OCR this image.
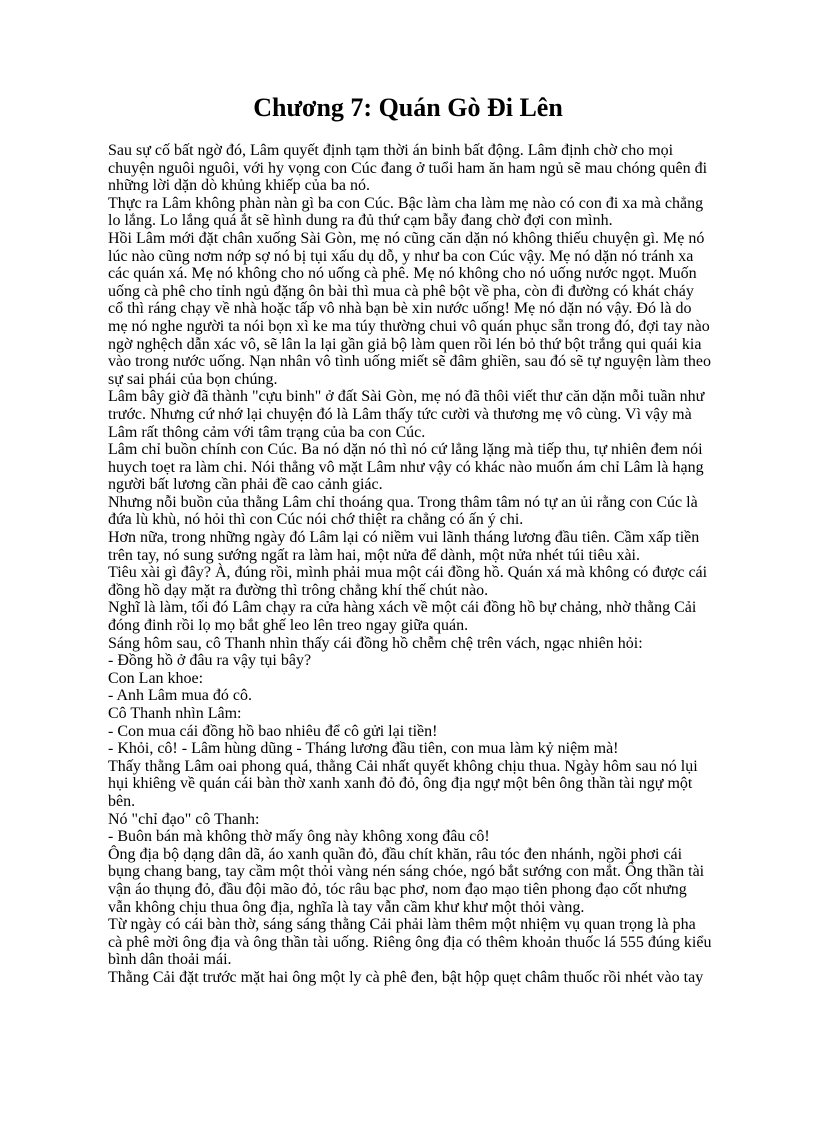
Chương 7: Quán Gò Đi Lên

Sau sự cố bất ngờ đó, Lâm quyết định tạm thời án binh bất động. Lâm định chờ cho mọi

chuyện nguôi nguôi, với hy vọng con Cúc đang ở tuổi ham ăn ham ngủ sẽ mau chóng quên đi

những lời dặn dò khủng khiếp của ba nó.

Thực ra Lâm không phàn nàn gì ba con Cúc. Bậc làm cha làm mẹ nào có con đi xa mà chẳng

lo lắng. Lo lắng quá ắt sẽ hình dung ra đủ thứ cạm bẫy đang chờ đợi con mình.

Hồi Lâm mới đặt chân xuống Sài Gòn, mẹ nó cũng căn dặn nó không thiếu chuyện gì. Mẹ nó

lúc nào cũng nơm nớp sợ nó bị tụi xấu dụ dỗ, y như ba con Cúc vậy. Mẹ nó dặn nó tránh xa

các quán xá. Mẹ nó không cho nó uống cà phê. Mẹ nó không cho nó uống nước ngọt. Muốn

uống cà phê cho tỉnh ngủ đặng ôn bài thì mua cà phê bột về pha, còn đi đường có khát cháy

cổ thì ráng chạy về nhà hoặc tấp vô nhà bạn bè xin nước uống! Mẹ nó dặn nó vậy. Đó là do

mẹ nó nghe người ta nói bọn xì ke ma túy thường chui vô quán phục sẵn trong đó, đợi tay nào

ngờ nghệch dẫn xác vô, sẽ lân la lại gần giả bộ làm quen rồi lén bỏ thứ bột trắng qui quái kia

vào trong nước uống. Nạn nhân vô tình uống miết sẽ đâm ghiền, sau đó sẽ tự nguyện làm theo

sự sai phái của bọn chúng.

Lâm bây giờ đã thành "cựu binh" ở đất Sài Gòn, mẹ nó đã thôi viết thư căn dặn mỗi tuần như

trước. Nhưng cứ nhớ lại chuyện đó là Lâm thấy tức cười và thương mẹ vô cùng. Vì vậy mà

Lâm rất thông cảm với tâm trạng của ba con Cúc.

Lâm chỉ buồn chính con Cúc. Ba nó dặn nó thì nó cứ lẳng lặng mà tiếp thu, tự nhiên đem nói

huych toẹt ra làm chi. Nói thẳng vô mặt Lâm như vậy có khác nào muốn ám chỉ Lâm là hạng

người bất lương cần phải đề cao cảnh giác.

Nhưng nỗi buồn của thằng Lâm chỉ thoáng qua. Trong thâm tâm nó tự an ủi rằng con Cúc là

đứa lù khù, nó hỏi thì con Cúc nói chớ thiệt ra chẳng có ấn ý chi.

Hơn nữa, trong những ngày đó Lâm lại có niềm vui lãnh tháng lương đầu tiên. Cầm xấp tiền

trên tay, nó sung sướng ngất ra làm hai, một nửa để dành, một nửa nhét túi tiêu xài.

Tiêu xài gì đây? À, đúng rồi, mình phải mua một cái đồng hồ. Quán xá mà không có được cái

đồng hồ dạy mặt ra đường thì trông chẳng khí thế chút nào.

Nghĩ là làm, tối đó Lâm chạy ra cửa hàng xách về một cái đồng hồ bự chảng, nhờ thằng Cải

đóng đinh rồi lọ mọ bắt ghế leo lên treo ngay giữa quán.

Sáng hôm sau, cô Thanh nhìn thấy cái đồng hồ chễm chệ trên vách, ngạc nhiên hỏi:

- Đồng hồ ở đâu ra vậy tụi bây?

Con Lan khoe:

- Anh Lâm mua đó cô.

Cô Thanh nhìn Lâm:

- Con mua cái đồng hồ bao nhiêu để cô gửi lại tiền!

- Khỏi, cô! - Lâm hùng dũng - Tháng lương đầu tiên, con mua làm kỷ niệm mà!

Thấy thằng Lâm oai phong quá, thằng Cải nhất quyết không chịu thua. Ngày hôm sau nó lụi

hụi khiêng về quán cái bàn thờ xanh xanh đỏ đỏ, ông địa ngự một bên ông thần tài ngự một

bên.

Nó "chỉ đạo" cô Thanh:

- Buôn bán mà không thờ mấy ông này không xong đâu cô!

Ông địa bộ dạng dân dã, áo xanh quần đỏ, đầu chít khăn, râu tóc đen nhánh, ngồi phơi cái

bụng chang bang, tay cầm một thỏi vàng nén sáng chóe, ngó bắt sướng con mắt. Ông thần tài

vận áo thụng đỏ, đầu đội mão đỏ, tóc râu bạc phơ, nom đạo mạo tiên phong đạo cốt nhưng

vẫn không chịu thua ông địa, nghĩa là tay vẫn cầm khư khư một thỏi vàng.

Từ ngày có cái bàn thờ, sáng sáng thằng Cải phải làm thêm một nhiệm vụ quan trọng là pha

cà phê mời ông địa và ông thần tài uống. Riêng ông địa có thêm khoản thuốc lá 555 đúng kiểu

bình dân thoải mái.

Thằng Cải đặt trước mặt hai ông một ly cà phê đen, bật hộp quẹt châm thuốc rồi nhét vào tay
